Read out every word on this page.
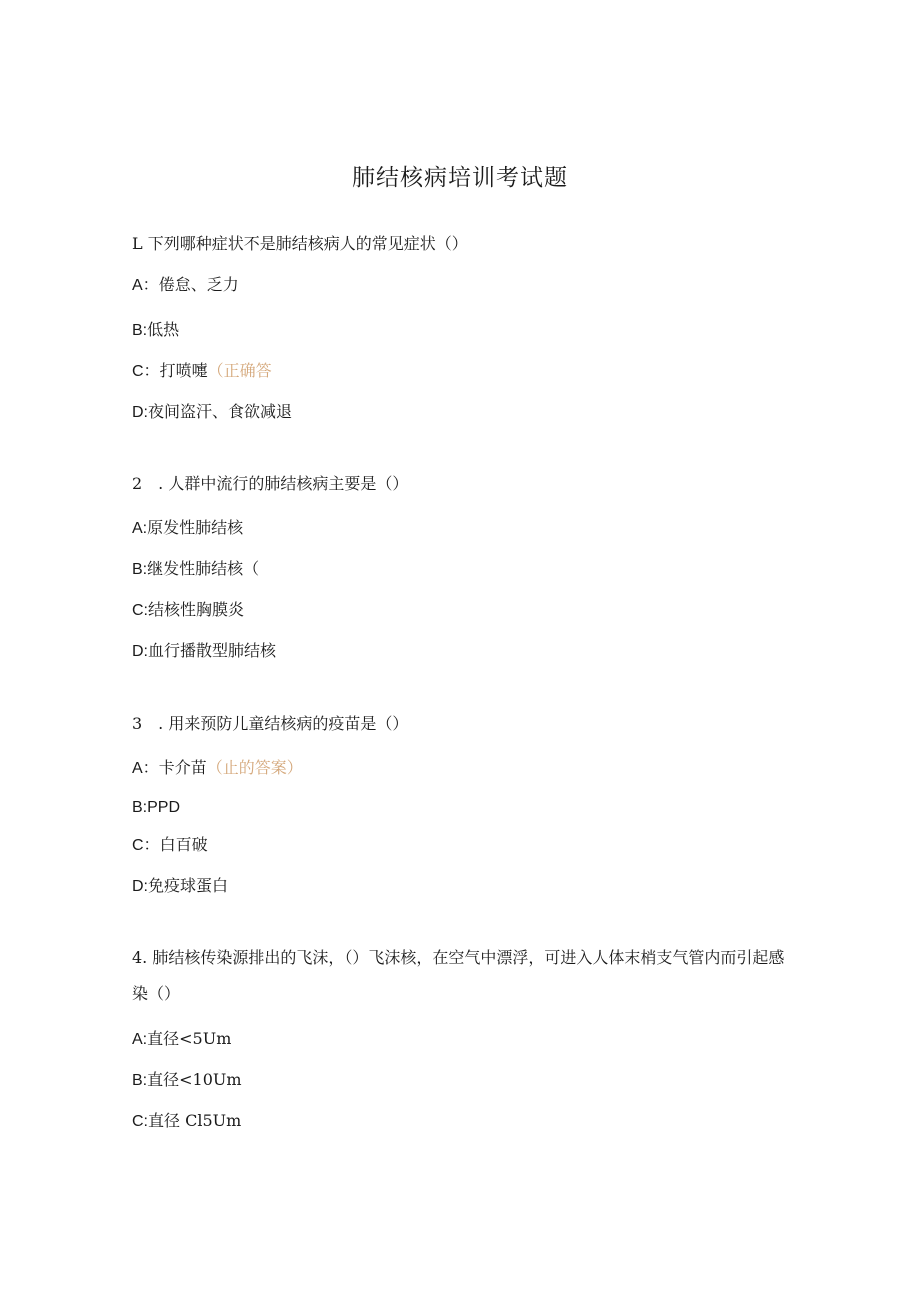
肺结核病培训考试题
L 下列哪种症状不是肺结核病人的常见症状（）
A：倦怠、乏力
B:低热
C：打喷嚏（正确答
D:夜间盗汗、食欲减退
2　. 人群中流行的肺结核病主要是（）
A:原发性肺结核
B:继发性肺结核（
C:结核性胸膜炎
D:血行播散型肺结核
3　. 用来预防儿童结核病的疫苗是（）
A：卡介苗（止的答案）
B:PPD
C：白百破
D:免疫球蛋白
4. 肺结核传染源排出的飞沫，（）飞沫核，在空气中漂浮，可进入人体末梢支气管内而引起感染（）
A:直径<5Um
B:直径<10Um
C:直径 Cl5Um
